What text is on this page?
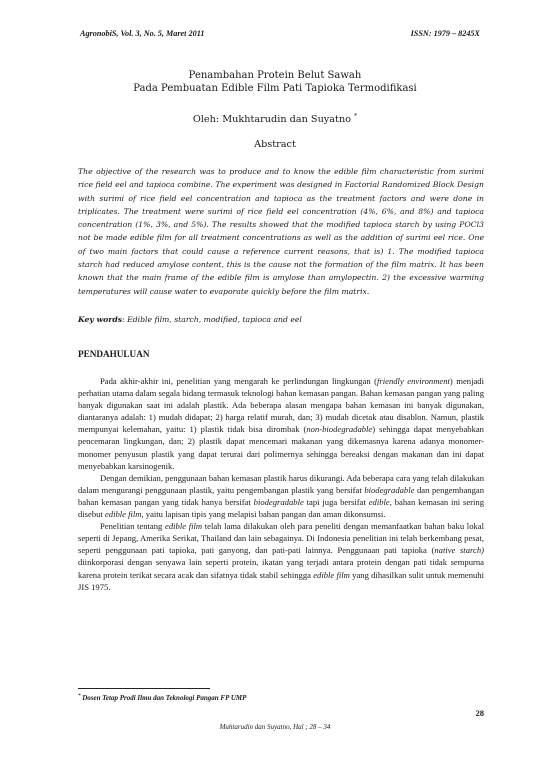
AgronobiS, Vol. 3, No. 5, Maret 2011	ISSN: 1979 – 8245X
Penambahan Protein Belut Sawah
Pada Pembuatan Edible Film Pati Tapioka Termodifikasi
Oleh: Mukhtarudin dan Suyatno *
Abstract

The objective of the research was to produce and to know the edible film characteristic from surimi rice field eel and tapioca combine. The experiment was designed in Factorial Randomized Block Design with surimi of rice field eel concentration and tapioca as the treatment factors and were done in triplicates. The treatment were surimi of rice field eel concentration (4%, 6%, and 8%) and tapioca concentration (1%, 3%, and 5%). The results showed that the modified tapioca starch by using POCl3 not be made edible film for all treatment concentrations as well as the addition of surimi eel rice. One of two main factors that could cause a reference current reasons, that is) 1. The modified tapioca starch had reduced amylose content, this is the cause not the formation of the film matrix. It has been known that the main frame of the edible film is amylose than amylopectin. 2) the excessive warming temperatures will cause water to evaporate quickly before the film matrix.

Key words: Edible film, starch, modified, tapioca and eel
PENDAHULUAN

Pada akhir-akhir ini, penelitian yang mengarah ke perlindungan lingkungan (friendly environment) menjadi perhatian utama dalam segala bidang termasuk teknologi bahan kemasan pangan. Bahan kemasan pangan yang paling banyak digunakan saat ini adalah plastik. Ada beberapa alasan mengapa bahan kemasan ini banyak digunakan, diantaranya adalah: 1) mudah didapat; 2) harga relatif murah, dan; 3) mudah dicetak atau disablon. Namun, plastik mempunyai kelemahan, yaitu: 1) plastik tidak bisa dirombak (non-biodegradable) sehingga dapat menyebabkan pencemaran lingkungan, dan; 2) plastik dapat mencemari makanan yang dikemasnya karena adanya monomer-monomer penyusun plastik yang dapat terurai dari polimernya sehingga bereaksi dengan makanan dan ini dapat menyebabkan karsinogenik.

Dengan demikian, penggunaan bahan kemasan plastik harus dikurangi. Ada beberapa cara yang telah dilakukan dalam mengurangi penggunaan plastik, yaitu pengembangan plastik yang bersifat biodegradable dan pengembangan bahan kemasan pangan yang tidak hanya bersifat biodegradable tapi juga bersifat edible, bahan kemasan ini sering disebut edible film, yaitu lapisan tipis yang melapisi bahan pangan dan aman dikonsumsi.

Penelitian tentang edible film telah lama dilakukan oleh para peneliti dengan memanfaatkan bahan baku lokal seperti di Jepang, Amerika Serikat, Thailand dan lain sebagainya. Di Indonesia penelitian ini telah berkembang pesat, seperti penggunaan pati tapioka, pati ganyong, dan pati-pati lainnya. Penggunaan pati tapioka (native starch) diinkorporasi dengan senyawa lain seperti protein, ikatan yang terjadi antara protein dengan pati tidak sempurna karena protein terikat secara acak dan sifatnya tidak stabil sehingga edible film yang dihasilkan sulit untuk memenuhi JIS 1975.

* Dosen Tetap Prodi Ilmu dan Teknologi Pangan FP UMP
28
Muhtarudin dan Suyatno, Hal ; 28 – 34
